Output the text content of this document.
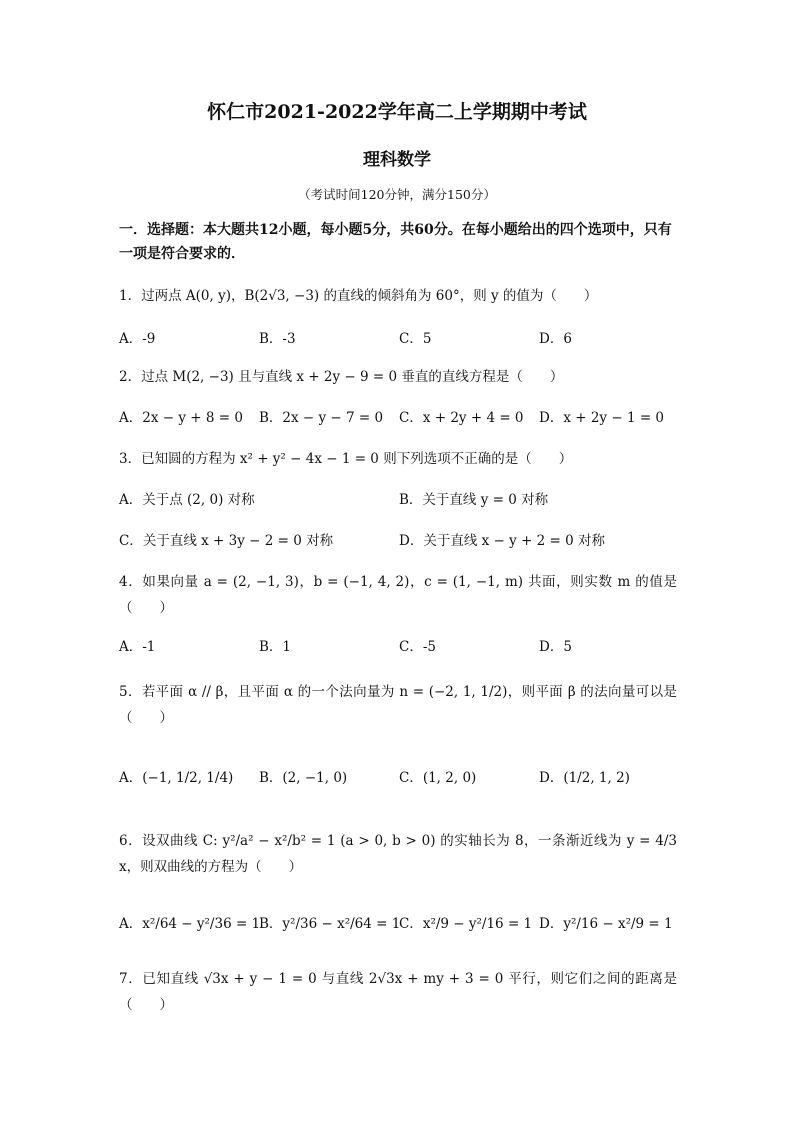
怀仁市2021-2022学年高二上学期期中考试
理科数学
（考试时间120分钟，满分150分）
一．选择题：本大题共12小题，每小题5分，共60分。在每小题给出的四个选项中，只有一项是符合要求的．
1．过两点 A(0, y)，B(2√3, −3) 的直线的倾斜角为 60°，则 y 的值为（　　）
A．-9	B．-3	C．5	D．6
2．过点 M(2, −3) 且与直线 x + 2y − 9 = 0 垂直的直线方程是（　　）
A．2x − y + 8 = 0 B．2x − y − 7 = 0 C．x + 2y + 4 = 0 D．x + 2y − 1 = 0
3．已知圆的方程为 x² + y² − 4x − 1 = 0 则下列选项不正确的是（　　）
A．关于点 (2, 0) 对称	B．关于直线 y = 0 对称
C．关于直线 x + 3y − 2 = 0 对称	D．关于直线 x − y + 2 = 0 对称
4．如果向量 a = (2, −1, 3)，b = (−1, 4, 2)，c = (1, −1, m) 共面，则实数 m 的值是（　　）
A．-1	B．1	C．-5	D．5
5．若平面 α // β，且平面 α 的一个法向量为 n = (−2, 1, 1/2)，则平面 β 的法向量可以是（　　）
A．(−1, 1/2, 1/4) B．(2, −1, 0)	C．(1, 2, 0)	D．(1/2, 1, 2)
6．设双曲线 C: y²/a² − x²/b² = 1 (a > 0, b > 0) 的实轴长为 8，一条渐近线为 y = 4/3 x，则双曲线的方程为（　　）
A．x²/64 − y²/36 = 1
B．y²/36 − x²/64 = 1
C．x²/9 − y²/16 = 1 D．y²/16 − x²/9 = 1
7．已知直线 √3x + y − 1 = 0 与直线 2√3x + my + 3 = 0 平行，则它们之间的距离是（　　）
